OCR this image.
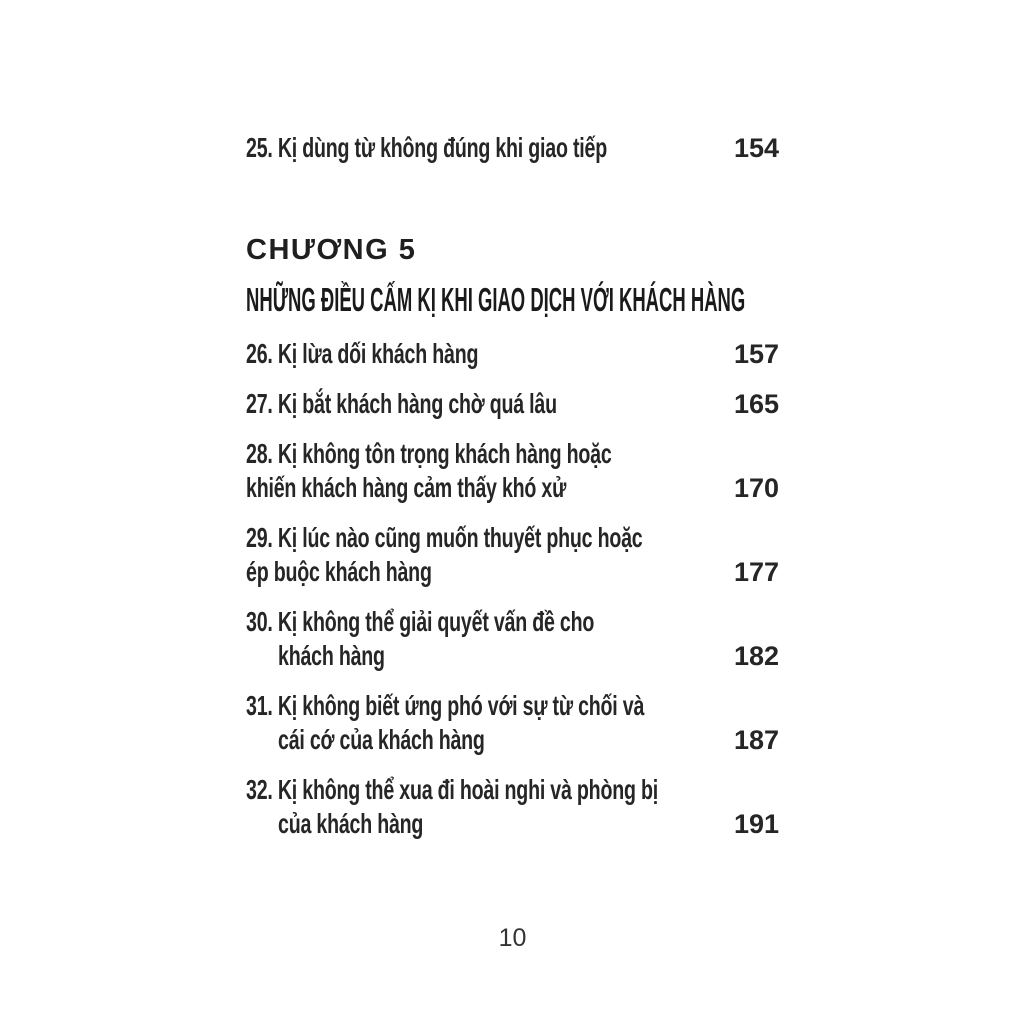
25. Kị dùng từ không đúng khi giao tiếp	154
CHƯƠNG 5
NHỮNG ĐIỀU CẤM KỊ KHI GIAO DỊCH VỚI KHÁCH HÀNG
26. Kị lừa dối khách hàng	157
27. Kị bắt khách hàng chờ quá lâu	165
28. Kị không tôn trọng khách hàng hoặc
khiến khách hàng cảm thấy khó xử	170
29. Kị lúc nào cũng muốn thuyết phục hoặc
ép buộc khách hàng	177
30. Kị không thể giải quyết vấn đề cho
khách hàng	182
31. Kị không biết ứng phó với sự từ chối và
cái cớ của khách hàng	187
32. Kị không thể xua đi hoài nghi và phòng bị
của khách hàng	191
10
